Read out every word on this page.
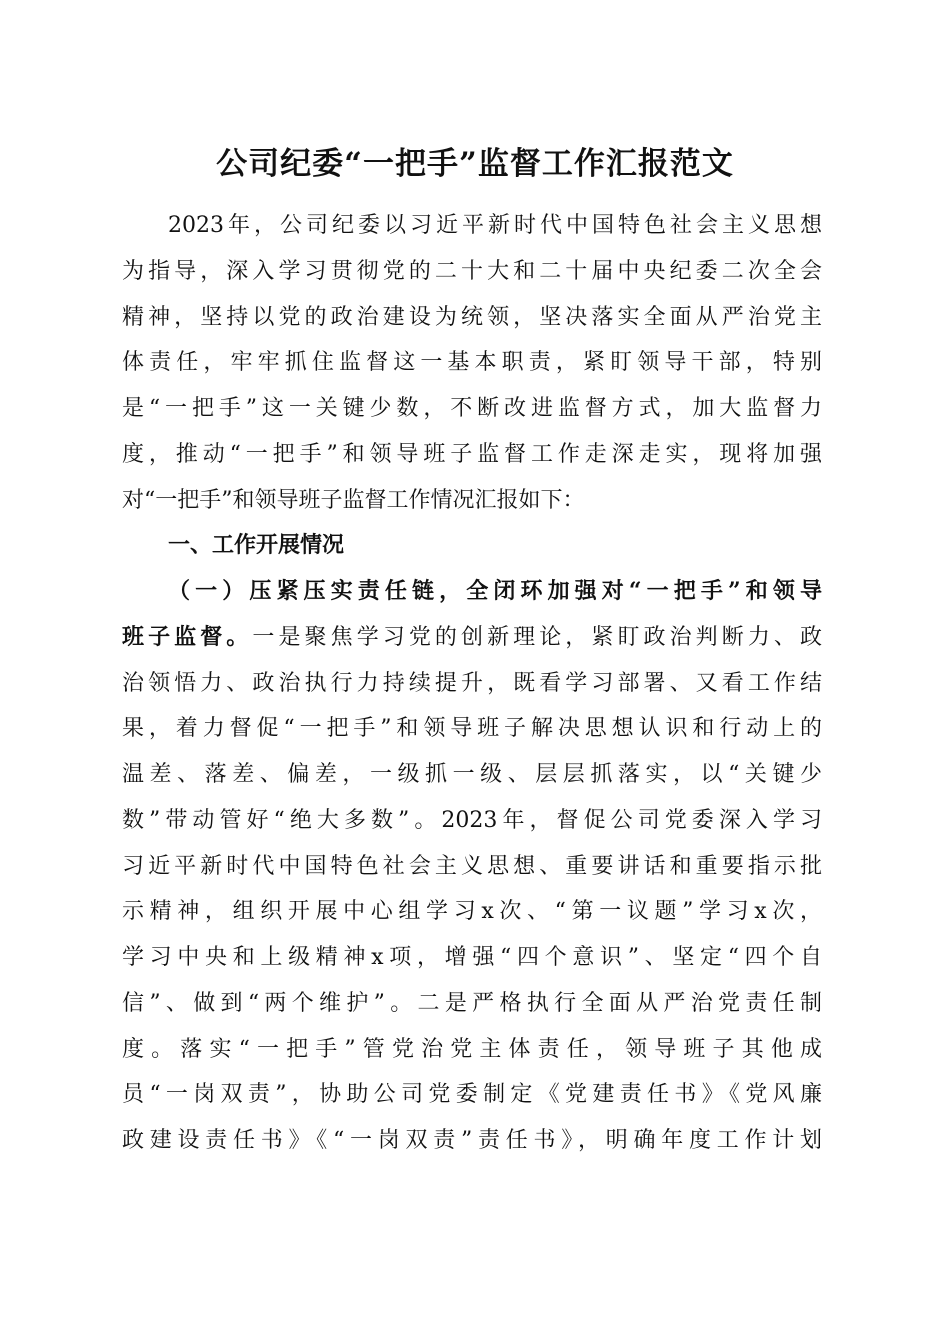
公司纪委“一把手”监督工作汇报范文
2023年，公司纪委以习近平新时代中国特色社会主义思想
为指导，深入学习贯彻党的二十大和二十届中央纪委二次全会
精神，坚持以党的政治建设为统领，坚决落实全面从严治党主
体责任，牢牢抓住监督这一基本职责，紧盯领导干部，特别
是“一把手”这一关键少数，不断改进监督方式，加大监督力
度，推动“一把手”和领导班子监督工作走深走实，现将加强
对“一把手”和领导班子监督工作情况汇报如下：
一、工作开展情况
（一）压紧压实责任链，全闭环加强对“一把手”和领导
班子监督。一是聚焦学习党的创新理论，紧盯政治判断力、政
治领悟力、政治执行力持续提升，既看学习部署、又看工作结
果，着力督促“一把手”和领导班子解决思想认识和行动上的
温差、落差、偏差，一级抓一级、层层抓落实，以“关键少
数”带动管好“绝大多数”。2023年，督促公司党委深入学习
习近平新时代中国特色社会主义思想、重要讲话和重要指示批
示精神，组织开展中心组学习x次、“第一议题”学习x次，
学习中央和上级精神x项，增强“四个意识”、坚定“四个自
信”、做到“两个维护”。二是严格执行全面从严治党责任制
度。落实“一把手”管党治党主体责任，领导班子其他成
员“一岗双责”，协助公司党委制定《党建责任书》《党风廉
政建设责任书》《“一岗双责”责任书》，明确年度工作计划
